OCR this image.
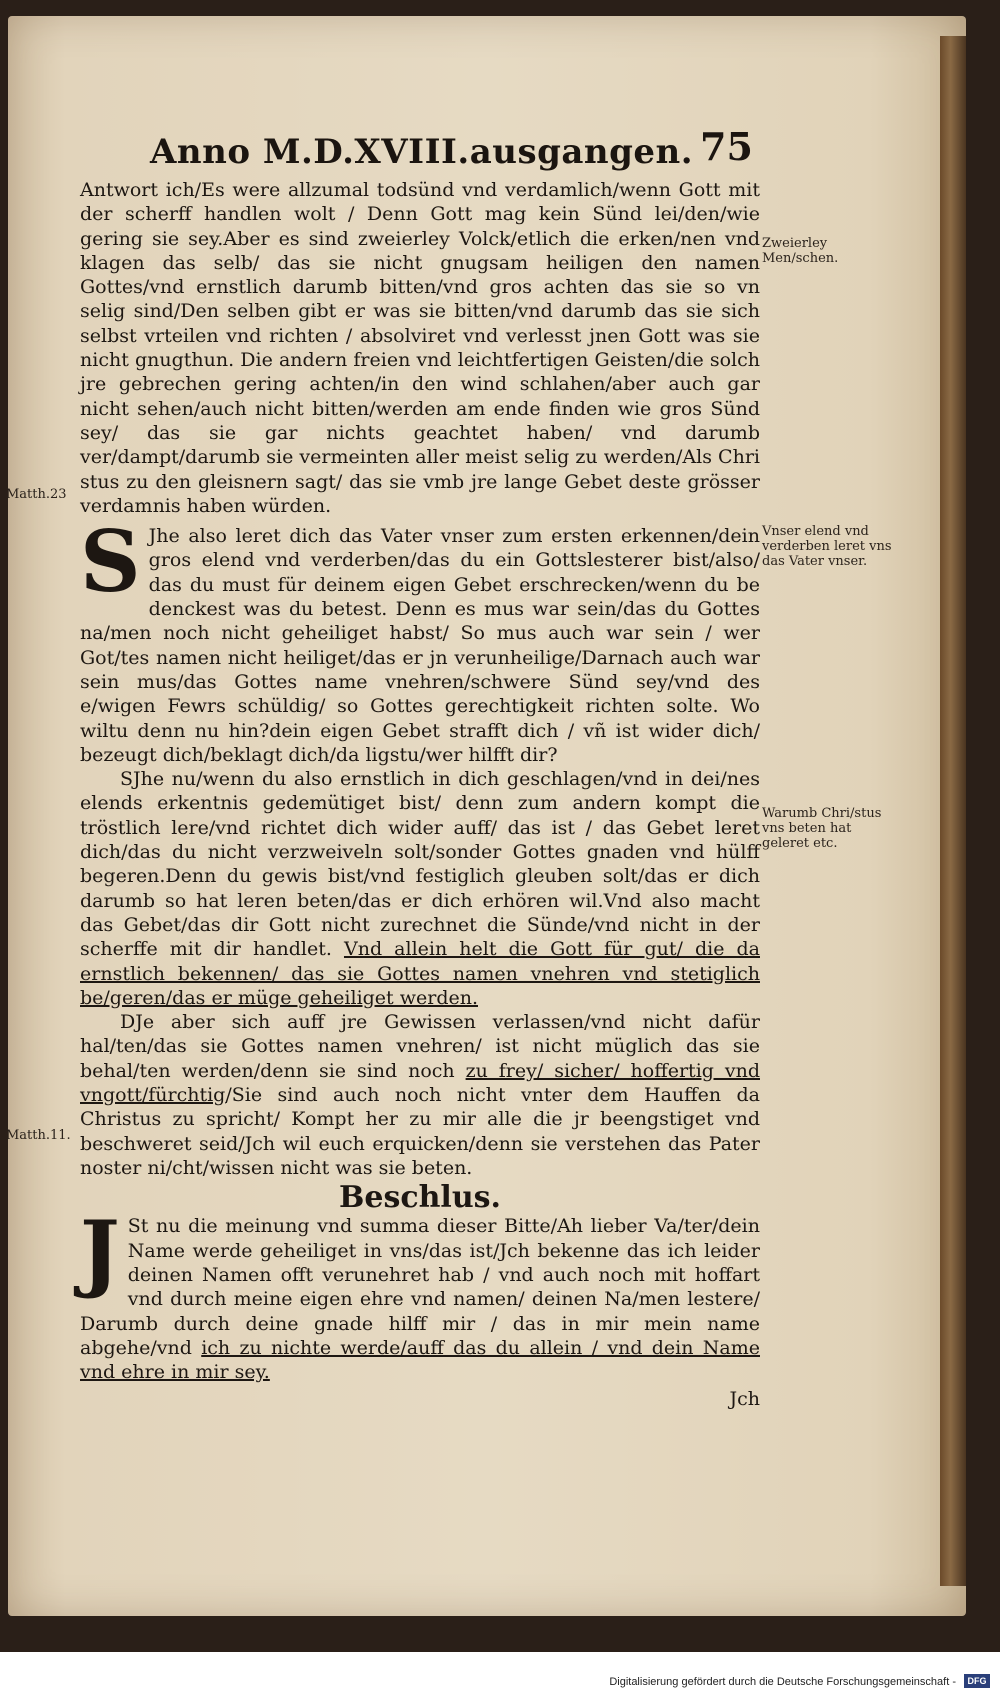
Anno M.D.XVIII.ausgangen. 75

Antwort ich/Es were allzumal todsünd vnd verdamlich/wenn Gott mit der scherff handlen wolt / Denn Gott mag kein Sünd lei/den/wie gering sie sey.Aber es sind zweierley Volck/etlich die erken/nen vnd klagen das selb/ das sie nicht gnugsam heiligen den namen Gottes/vnd ernstlich darumb bitten/vnd gros achten das sie so vn selig sind/Den selben gibt er was sie bitten/vnd darumb das sie sich selbst vrteilen vnd richten / absolviret vnd verlesst jnen Gott was sie nicht gnugthun. Die andern freien vnd leichtfertigen Geisten/die solch jre gebrechen gering achten/in den wind schlahen/aber auch gar nicht sehen/auch nicht bitten/werden am ende finden wie gros Sünd sey/ das sie gar nichts geachtet haben/ vnd darumb ver/dampt/darumb sie vermeinten aller meist selig zu werden/Als Chri stus zu den gleisnern sagt/ das sie vmb jre lange Gebet deste grösser verdamnis haben würden.

S Jhe also leret dich das Vater vnser zum ersten erkennen/dein gros elend vnd verderben/das du ein Gottslesterer bist/also/ das du must für deinem eigen Gebet erschrecken/wenn du be denckest was du betest. Denn es mus war sein/das du Gottes na/men noch nicht geheiliget habst/ So mus auch war sein / wer Got/tes namen nicht heiliget/das er jn verunheilige/Darnach auch war sein mus/das Gottes name vnehren/schwere Sünd sey/vnd des e/wigen Fewrs schüldig/ so Gottes gerechtigkeit richten solte. Wo wiltu denn nu hin?dein eigen Gebet strafft dich / vñ ist wider dich/ bezeugt dich/beklagt dich/da ligstu/wer hilfft dir?

SJhe nu/wenn du also ernstlich in dich geschlagen/vnd in dei/nes elends erkentnis gedemütiget bist/ denn zum andern kompt die tröstlich lere/vnd richtet dich wider auff/ das ist / das Gebet leret dich/das du nicht verzweiveln solt/sonder Gottes gnaden vnd hülff begeren.Denn du gewis bist/vnd festiglich gleuben solt/das er dich darumb so hat leren beten/das er dich erhören wil.Vnd also macht das Gebet/das dir Gott nicht zurechnet die Sünde/vnd nicht in der scherffe mit dir handlet. Vnd allein helt die Gott für gut/ die da ernstlich bekennen/ das sie Gottes namen vnehren vnd stetiglich be/geren/das er müge geheiliget werden.

DJe aber sich auff jre Gewissen verlassen/vnd nicht dafür hal/ten/das sie Gottes namen vnehren/ ist nicht müglich das sie behal/ten werden/denn sie sind noch zu frey/ sicher/ hoffertig vnd vngott/fürchtig/Sie sind auch noch nicht vnter dem Hauffen da Christus zu spricht/ Kompt her zu mir alle die jr beengstiget vnd beschweret seid/Jch wil euch erquicken/denn sie verstehen das Pater noster ni/cht/wissen nicht was sie beten.

Beschlus.

J St nu die meinung vnd summa dieser Bitte/Ah lieber Va/ter/dein Name werde geheiliget in vns/das ist/Jch bekenne das ich leider deinen Namen offt verunehret hab / vnd auch noch mit hoffart vnd durch meine eigen ehre vnd namen/ deinen Na/men lestere/ Darumb durch deine gnade hilff mir / das in mir mein name abgehe/vnd ich zu nichte werde/auff das du allein / vnd dein Name vnd ehre in mir sey.

Jch

Zweierley Men/schen.
Vnser elend vnd verderben leret vns das Vater vnser.
Warumb Chri/stus vns beten hat geleret etc.
Matth.23
Matth.11.
Digitalisierung gefördert durch die Deutsche Forschungsgemeinschaft -	DFG
